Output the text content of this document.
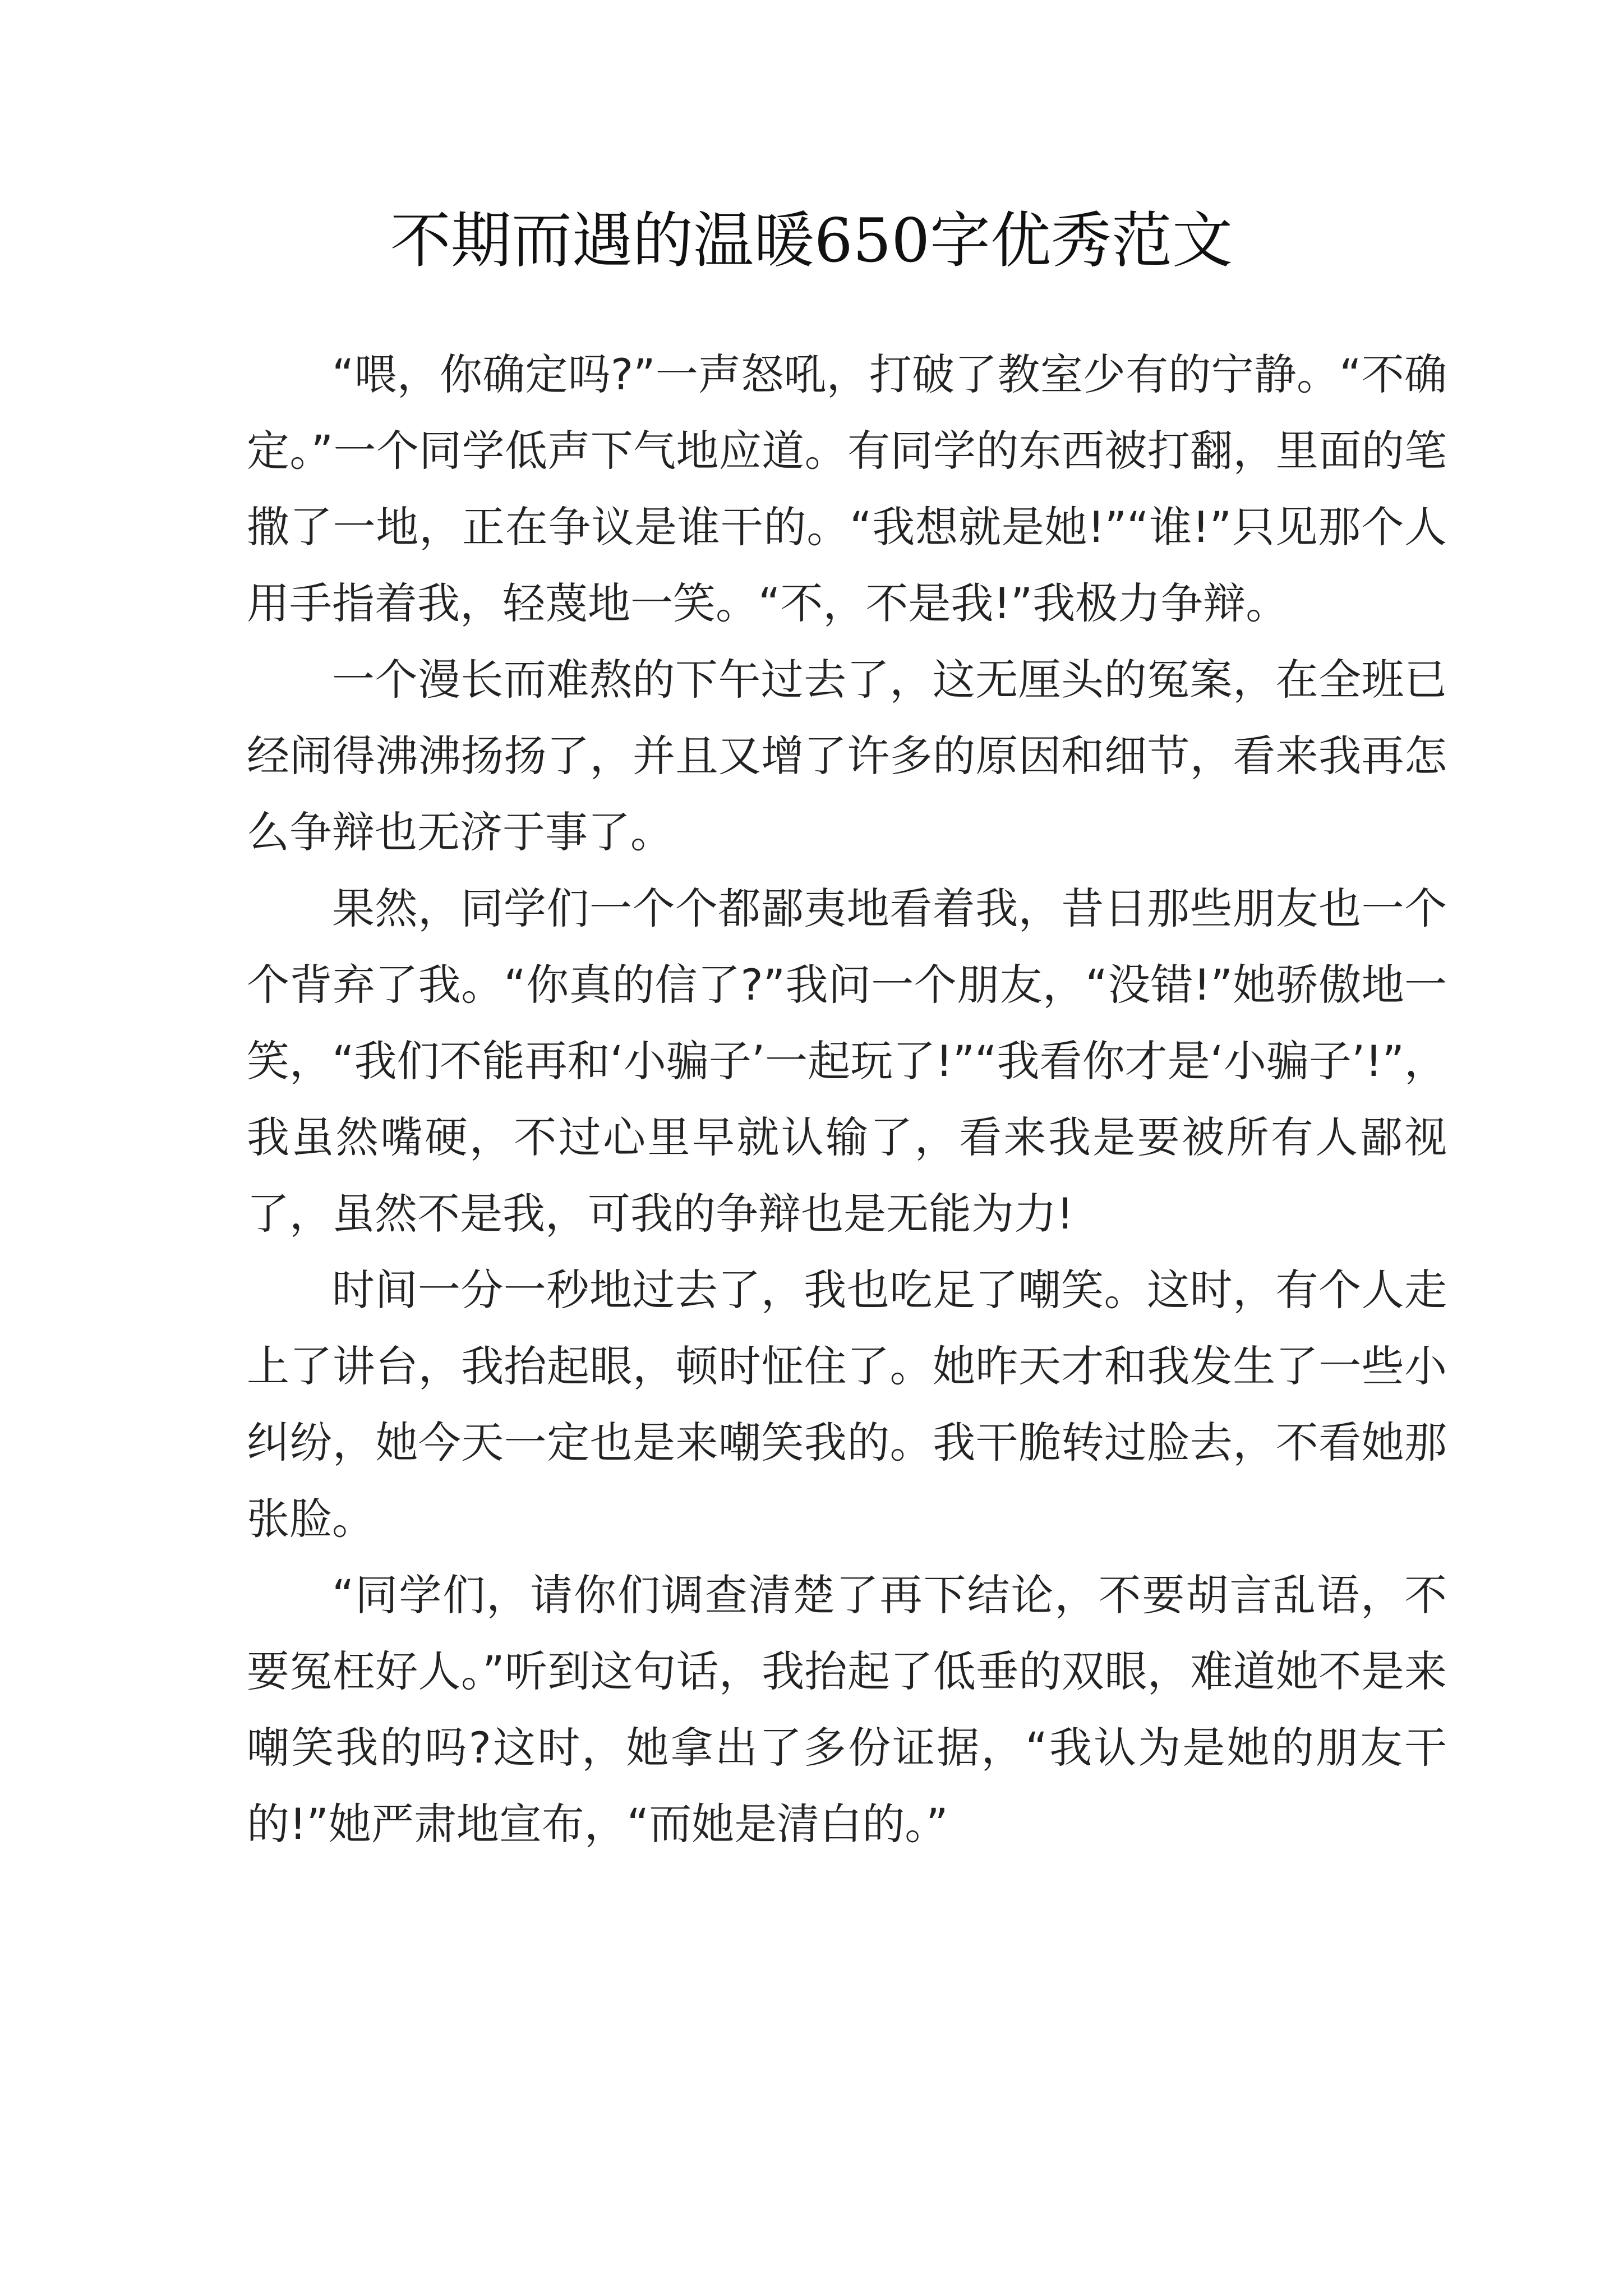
不期而遇的温暖650字优秀范文

“喂，你确定吗?”一声怒吼，打破了教室少有的宁静。“不确定。”一个同学低声下气地应道。有同学的东西被打翻，里面的笔撒了一地，正在争议是谁干的。“我想就是她!”“谁!”只见那个人用手指着我，轻蔑地一笑。“不，不是我!”我极力争辩。

一个漫长而难熬的下午过去了，这无厘头的冤案，在全班已经闹得沸沸扬扬了，并且又增了许多的原因和细节，看来我再怎么争辩也无济于事了。

果然，同学们一个个都鄙夷地看着我，昔日那些朋友也一个个背弃了我。“你真的信了?”我问一个朋友，“没错!”她骄傲地一笑，“我们不能再和‘小骗子’一起玩了!”“我看你才是‘小骗子’!”，我虽然嘴硬，不过心里早就认输了，看来我是要被所有人鄙视了，虽然不是我，可我的争辩也是无能为力!

时间一分一秒地过去了，我也吃足了嘲笑。这时，有个人走上了讲台，我抬起眼，顿时怔住了。她昨天才和我发生了一些小纠纷，她今天一定也是来嘲笑我的。我干脆转过脸去，不看她那张脸。

“同学们，请你们调查清楚了再下结论，不要胡言乱语，不要冤枉好人。”听到这句话，我抬起了低垂的双眼，难道她不是来嘲笑我的吗?这时，她拿出了多份证据，“我认为是她的朋友干的!”她严肃地宣布，“而她是清白的。”
